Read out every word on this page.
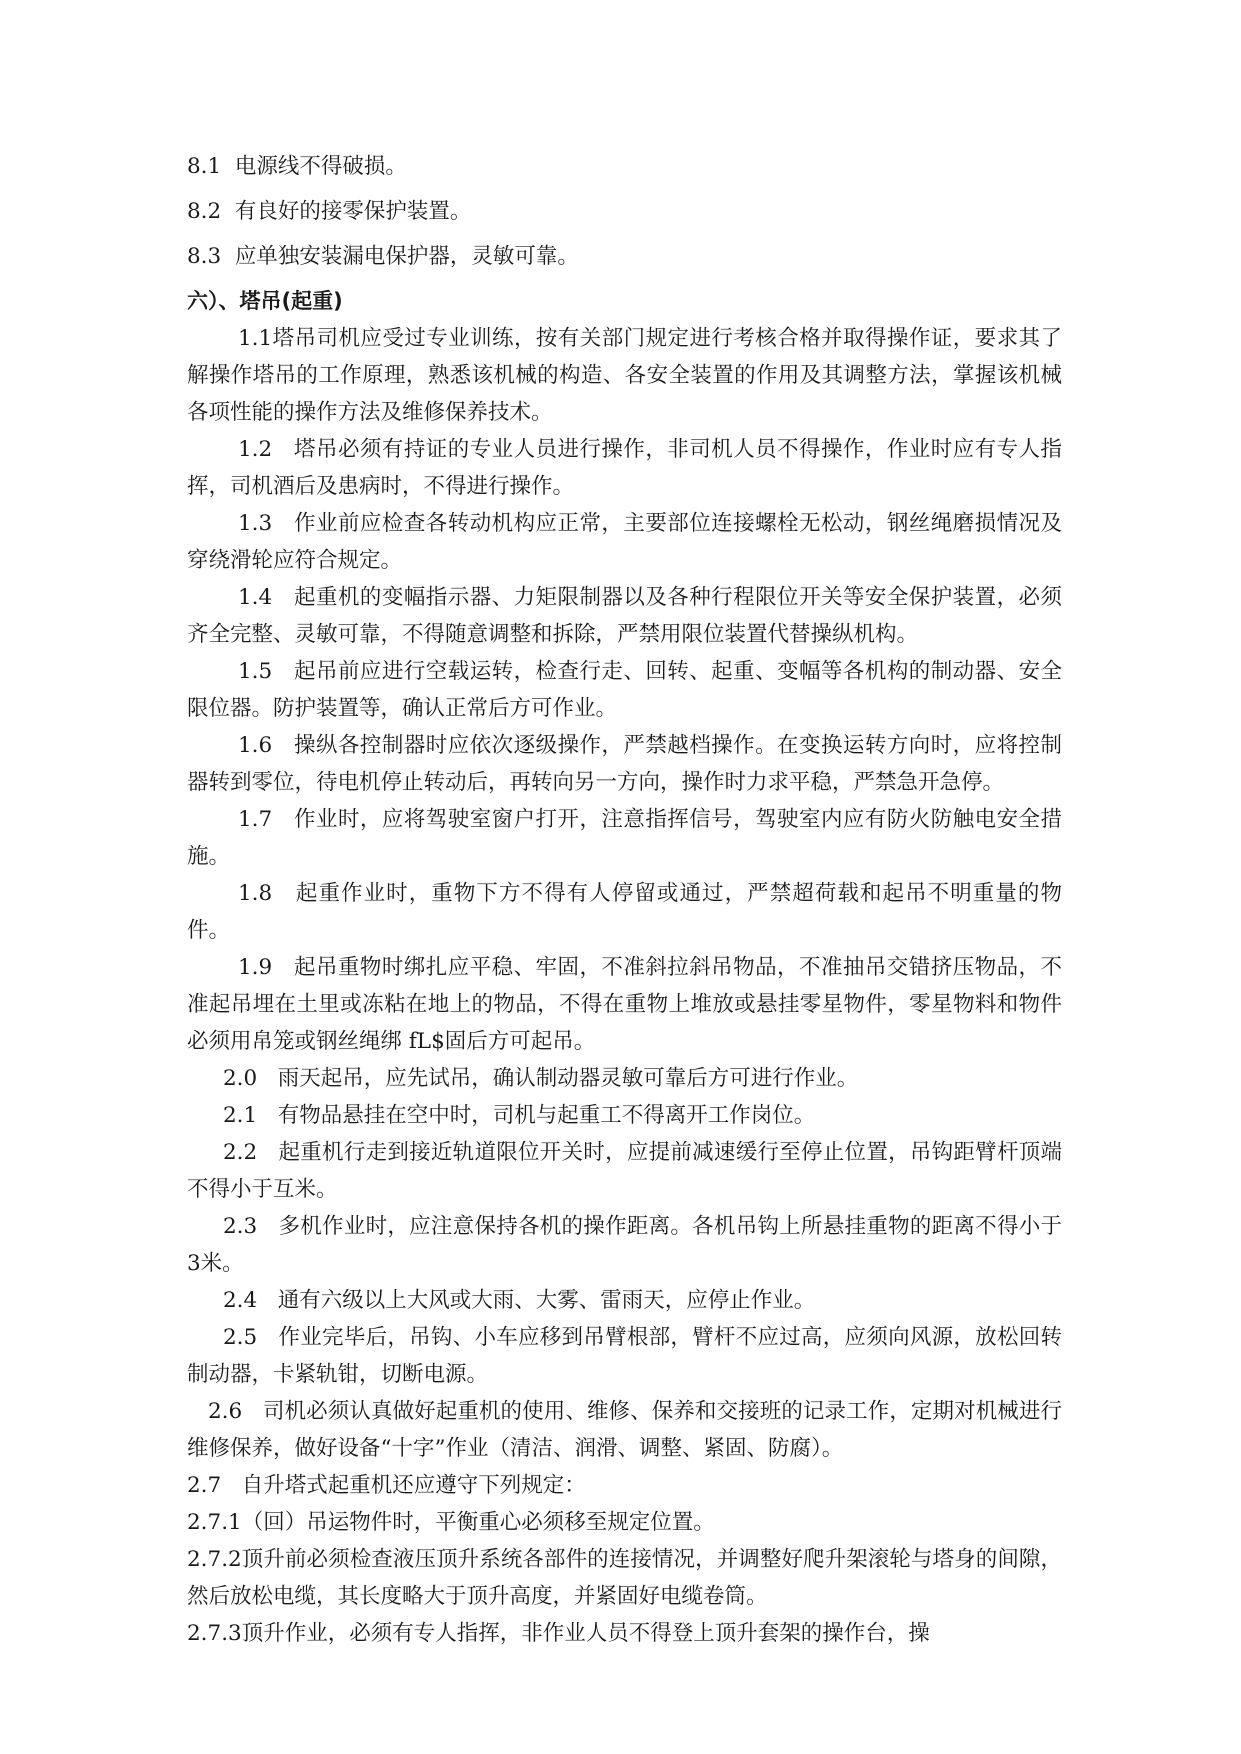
8.1  电源线不得破损。

8.2  有良好的接零保护装置。

8.3  应单独安装漏电保护器，灵敏可靠。

六）、塔吊(起重)

1.1塔吊司机应受过专业训练，按有关部门规定进行考核合格并取得操作证，要求其了解操作塔吊的工作原理，熟悉该机械的构造、各安全装置的作用及其调整方法，掌握该机械各项性能的操作方法及维修保养技术。

1.2   塔吊必须有持证的专业人员进行操作，非司机人员不得操作，作业时应有专人指挥，司机酒后及患病时，不得进行操作。

1.3   作业前应检查各转动机构应正常，主要部位连接螺栓无松动，钢丝绳磨损情况及穿绕滑轮应符合规定。

1.4   起重机的变幅指示器、力矩限制器以及各种行程限位开关等安全保护装置，必须齐全完整、灵敏可靠，不得随意调整和拆除，严禁用限位装置代替操纵机构。

1.5   起吊前应进行空载运转，检查行走、回转、起重、变幅等各机构的制动器、安全限位器。防护装置等，确认正常后方可作业。

1.6   操纵各控制器时应依次逐级操作，严禁越档操作。在变换运转方向时，应将控制器转到零位，待电机停止转动后，再转向另一方向，操作时力求平稳，严禁急开急停。

1.7   作业时，应将驾驶室窗户打开，注意指挥信号，驾驶室内应有防火防触电安全措施。

1.8   起重作业时，重物下方不得有人停留或通过，严禁超荷载和起吊不明重量的物件。

1.9   起吊重物时绑扎应平稳、牢固，不准斜拉斜吊物品，不准抽吊交错挤压物品，不准起吊埋在土里或冻粘在地上的物品，不得在重物上堆放或悬挂零星物件，零星物料和物件必须用帛笼或钢丝绳绑 fL$固后方可起吊。

2.0   雨天起吊，应先试吊，确认制动器灵敏可靠后方可进行作业。

2.1   有物品悬挂在空中时，司机与起重工不得离开工作岗位。

2.2   起重机行走到接近轨道限位开关时，应提前减速缓行至停止位置，吊钩距臂杆顶端不得小于互米。

2.3   多机作业时，应注意保持各机的操作距离。各机吊钩上所悬挂重物的距离不得小于3米。

2.4   通有六级以上大风或大雨、大雾、雷雨天，应停止作业。

2.5   作业完毕后，吊钩、小车应移到吊臂根部，臂杆不应过高，应须向风源，放松回转制动器，卡紧轨钳，切断电源。

2.6   司机必须认真做好起重机的使用、维修、保养和交接班的记录工作，定期对机械进行维修保养，做好设备“十字”作业（清洁、润滑、调整、紧固、防腐）。

2.7   自升塔式起重机还应遵守下列规定：

2.7.1（回）吊运物件时，平衡重心必须移至规定位置。

2.7.2顶升前必须检查液压顶升系统各部件的连接情况，并调整好爬升架滚轮与塔身的间隙，然后放松电缆，其长度略大于顶升高度，并紧固好电缆卷筒。

2.7.3顶升作业，必须有专人指挥，非作业人员不得登上顶升套架的操作台，操
